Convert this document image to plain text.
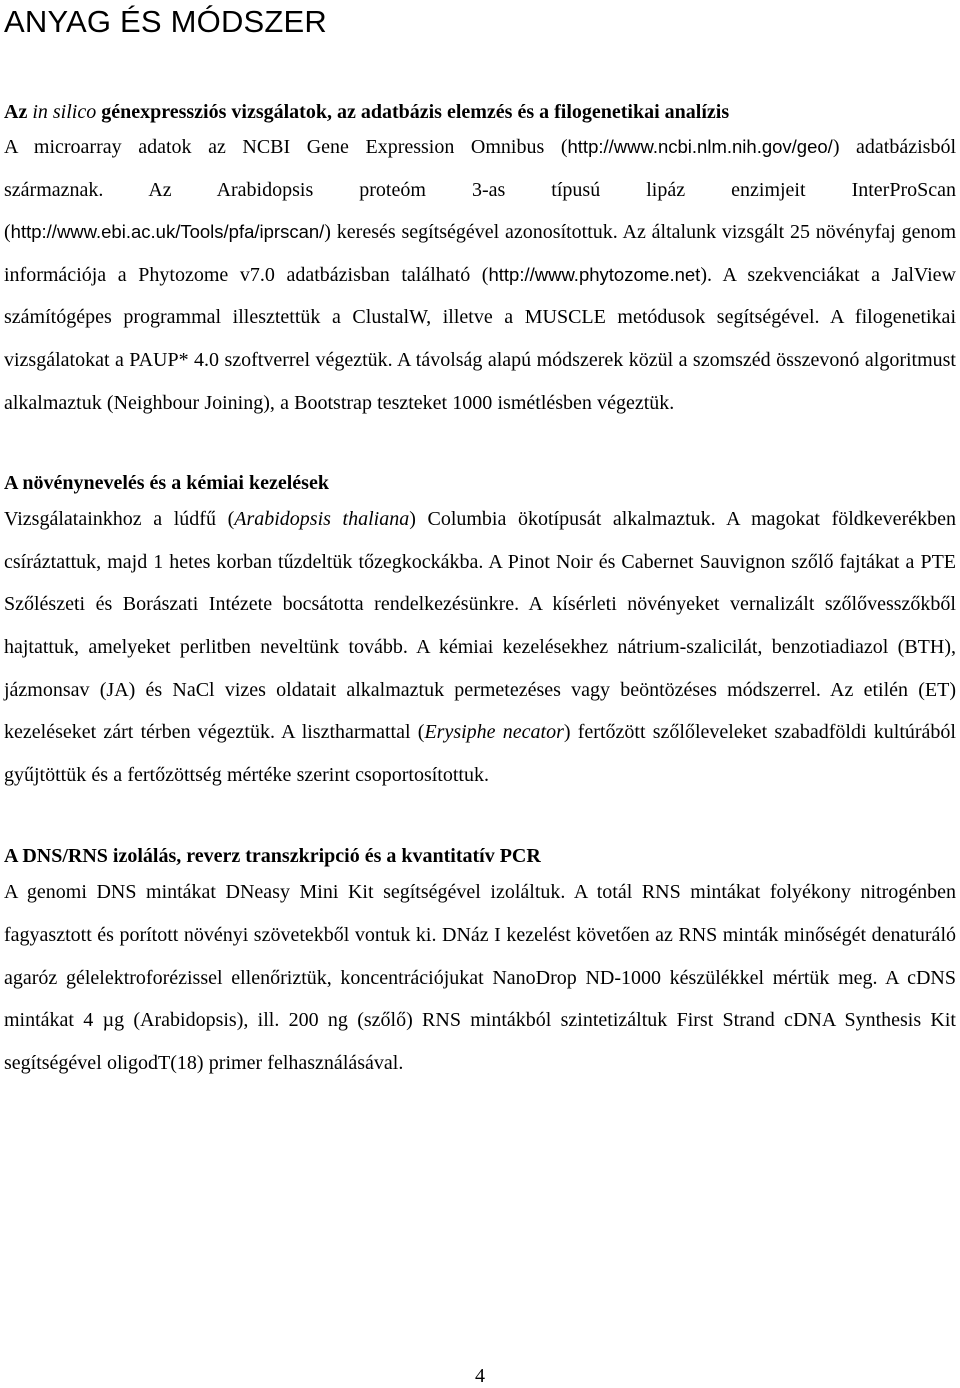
ANYAG ÉS MÓDSZER
Az in silico génexpressziós vizsgálatok, az adatbázis elemzés és a filogenetikai analízis

A microarray adatok az NCBI Gene Expression Omnibus (http://www.ncbi.nlm.nih.gov/geo/) adatbázisból származnak. Az Arabidopsis proteóm 3-as típusú lipáz enzimjeit InterProScan (http://www.ebi.ac.uk/Tools/pfa/iprscan/) keresés segítségével azonosítottuk. Az általunk vizsgált 25 növényfaj genom információja a Phytozome v7.0 adatbázisban található (http://www.phytozome.net). A szekvenciákat a JalView számítógépes programmal illesztettük a ClustalW, illetve a MUSCLE metódusok segítségével. A filogenetikai vizsgálatokat a PAUP* 4.0 szoftverrel végeztük. A távolság alapú módszerek közül a szomszéd összevonó algoritmust alkalmaztuk (Neighbour Joining), a Bootstrap teszteket 1000 ismétlésben végeztük.

A növénynevelés és a kémiai kezelések

Vizsgálatainkhoz a lúdfű (Arabidopsis thaliana) Columbia ökotípusát alkalmaztuk. A magokat földkeverékben csíráztattuk, majd 1 hetes korban tűzdeltük tőzegkockákba. A Pinot Noir és Cabernet Sauvignon szőlő fajtákat a PTE Szőlészeti és Borászati Intézete bocsátotta rendelkezésünkre. A kísérleti növényeket vernalizált szőlővesszőkből hajtattuk, amelyeket perlitben neveltünk tovább. A kémiai kezelésekhez nátrium-szalicilát, benzotiadiazol (BTH), jázmonsav (JA) és NaCl vizes oldatait alkalmaztuk permetezéses vagy beöntözéses módszerrel. Az etilén (ET) kezeléseket zárt térben végeztük. A lisztharmattal (Erysiphe necator) fertőzött szőlőleveleket szabadföldi kultúrából gyűjtöttük és a fertőzöttség mértéke szerint csoportosítottuk.

A DNS/RNS izolálás, reverz transzkripció és a kvantitatív PCR

A genomi DNS mintákat DNeasy Mini Kit segítségével izoláltuk. A totál RNS mintákat folyékony nitrogénben fagyasztott és porított növényi szövetekből vontuk ki. DNáz I kezelést követően az RNS minták minőségét denaturáló agaróz gélelektroforézissel ellenőriztük, koncentrációjukat NanoDrop ND-1000 készülékkel mértük meg. A cDNS mintákat 4 µg (Arabidopsis), ill. 200 ng (szőlő) RNS mintákból szintetizáltuk First Strand cDNA Synthesis Kit segítségével oligodT(18) primer felhasználásával.

4
